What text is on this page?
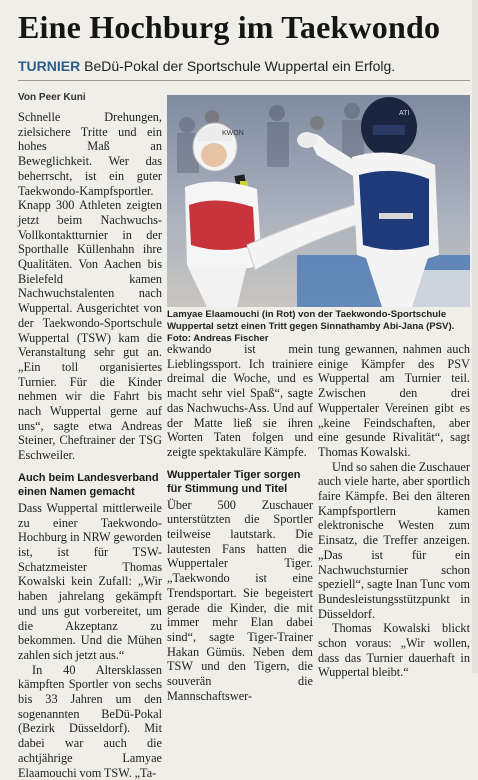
Eine Hochburg im Taekwondo
TURNIER BeDü-Pokal der Sportschule Wuppertal ein Erfolg.
Von Peer Kuni

Schnelle Drehungen, zielsichere Tritte und ein hohes Maß an Beweglichkeit. Wer das beherrscht, ist ein guter Taekwondo-Kampfsportler. Knapp 300 Athleten zeigten jetzt beim Nachwuchs-Vollkontaktturnier in der Sporthalle Küllenhahn ihre Qualitäten. Von Aachen bis Bielefeld kamen Nachwuchstalenten nach Wuppertal. Ausgerichtet von der Taekwondo-Sportschule Wuppertal (TSW) kam die Veranstaltung sehr gut an. „Ein toll organisiertes Turnier. Für die Kinder nehmen wir die Fahrt bis nach Wuppertal gerne auf uns“, sagte etwa Andreas Steiner, Cheftrainer der TSG Eschweiler.

Auch beim Landesverband einen Namen gemacht

Dass Wuppertal mittlerweile zu einer Taekwondo-Hochburg in NRW geworden ist, ist für TSW-Schatzmeister Thomas Kowalski kein Zufall: „Wir haben jahrelang gekämpft und uns gut vorbereitet, um die Akzeptanz zu bekommen. Und die Mühen zahlen sich jetzt aus.“

In 40 Altersklassen kämpften Sportler von sechs bis 33 Jahren um den sogenannten BeDü-Pokal (Bezirk Düsseldorf). Mit dabei war auch die achtjährige Lamyae Elaamouchi vom TSW. „Ta-

KWON
ATI
Lamyae Elaamouchi (in Rot) von der Taekwondo-Sportschule Wuppertal setzt einen Tritt gegen Sinnathamby Abi-Jana (PSV). Foto: Andreas Fischer

ekwando ist mein Lieblingssport. Ich trainiere dreimal die Woche, und es macht sehr viel Spaß“, sagte das Nachwuchs-Ass. Und auf der Matte ließ sie ihren Worten Taten folgen und zeigte spektakuläre Kämpfe.

Wuppertaler Tiger sorgen für Stimmung und Titel

Über 500 Zuschauer unterstützten die Sportler teilweise lautstark. Die lautesten Fans hatten die Wuppertaler Tiger. „Taekwondo ist eine Trendsportart. Sie begeistert gerade die Kinder, die mit immer mehr Elan dabei sind“, sagte Tiger-Trainer Hakan Gümüs. Neben dem TSW und den Tigern, die souverän die Mannschaftswer-

tung gewannen, nahmen auch einige Kämpfer des PSV Wuppertal am Turnier teil. Zwischen den drei Wuppertaler Vereinen gibt es „keine Feindschaften, aber eine gesunde Rivalität“, sagt Thomas Kowalski.

Und so sahen die Zuschauer auch viele harte, aber sportlich faire Kämpfe. Bei den älteren Kampfsportlern kamen elektronische Westen zum Einsatz, die Treffer anzeigen. „Das ist für ein Nachwuchsturnier schon speziell“, sagte Inan Tunc vom Bundesleistungsstützpunkt in Düsseldorf.

Thomas Kowalski blickt schon voraus: „Wir wollen, dass das Turnier dauerhaft in Wuppertal bleibt.“
